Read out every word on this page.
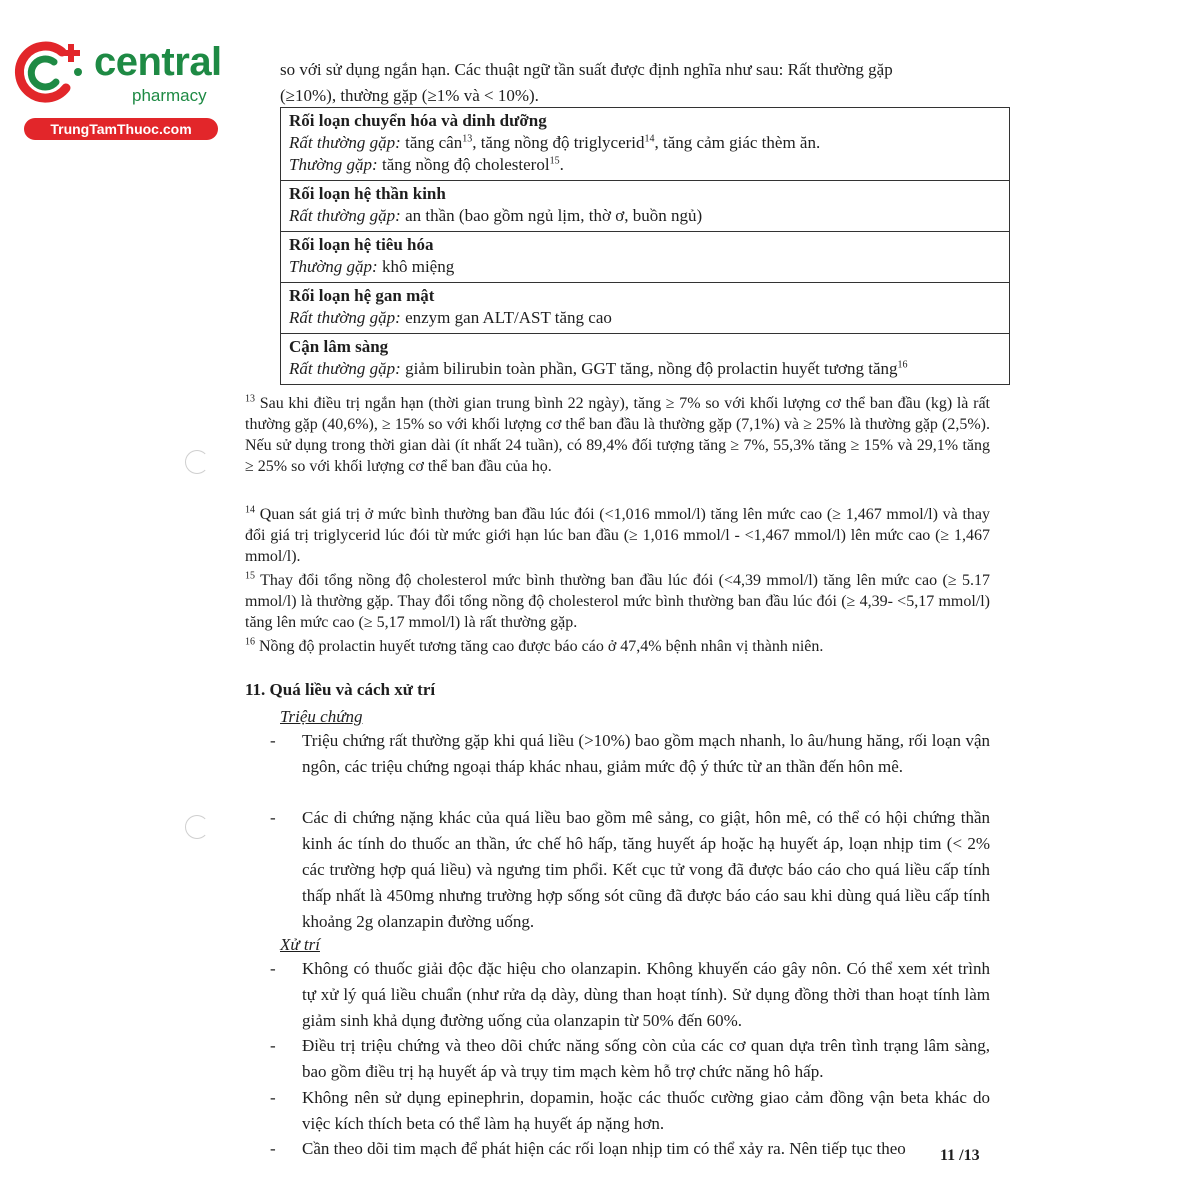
central
pharmacy
TrungTamThuoc.com

so với sử dụng ngắn hạn. Các thuật ngữ tần suất được định nghĩa như sau: Rất thường gặp

(≥10%), thường gặp (≥1% và < 10%).

Rối loạn chuyển hóa và dinh dưỡng
Rất thường gặp: tăng cân$^{13}$, tăng nồng độ triglycerid$^{14}$, tăng cảm giác thèm ăn.
Thường gặp: tăng nồng độ cholesterol$^{15}$.

Rối loạn hệ thần kinh
Rất thường gặp: an thần (bao gồm ngủ lịm, thờ ơ, buồn ngủ)

Rối loạn hệ tiêu hóa
Thường gặp: khô miệng

Rối loạn hệ gan mật
Rất thường gặp: enzym gan ALT/AST tăng cao

Cận lâm sàng
Rất thường gặp: giảm bilirubin toàn phần, GGT tăng, nồng độ prolactin huyết tương tăng$^{16}$

$^{13}$ Sau khi điều trị ngắn hạn (thời gian trung bình 22 ngày), tăng ≥ 7% so với khối lượng cơ thể ban đầu (kg) là rất thường gặp (40,6%), ≥ 15% so với khối lượng cơ thể ban đầu là thường gặp (7,1%) và ≥ 25% là thường gặp (2,5%). Nếu sử dụng trong thời gian dài (ít nhất 24 tuần), có 89,4% đối tượng tăng ≥ 7%, 55,3% tăng ≥ 15% và 29,1% tăng ≥ 25% so với khối lượng cơ thể ban đầu của họ.

$^{14}$ Quan sát giá trị ở mức bình thường ban đầu lúc đói (<1,016 mmol/l) tăng lên mức cao (≥ 1,467 mmol/l) và thay đổi giá trị triglycerid lúc đói từ mức giới hạn lúc ban đầu (≥ 1,016 mmol/l - <1,467 mmol/l) lên mức cao (≥ 1,467 mmol/l).

$^{15}$ Thay đổi tổng nồng độ cholesterol mức bình thường ban đầu lúc đói (<4,39 mmol/l) tăng lên mức cao (≥ 5.17 mmol/l) là thường gặp. Thay đổi tổng nồng độ cholesterol mức bình thường ban đầu lúc đói (≥ 4,39- <5,17 mmol/l) tăng lên mức cao (≥ 5,17 mmol/l) là rất thường gặp.

$^{16}$ Nồng độ prolactin huyết tương tăng cao được báo cáo ở 47,4% bệnh nhân vị thành niên.

11. Quá liều và cách xử trí
Triệu chứng
-	Triệu chứng rất thường gặp khi quá liều (>10%) bao gồm mạch nhanh, lo âu/hung hăng, rối loạn vận ngôn, các triệu chứng ngoại tháp khác nhau, giảm mức độ ý thức từ an thần đến hôn mê.
-	Các di chứng nặng khác của quá liều bao gồm mê sảng, co giật, hôn mê, có thể có hội chứng thần kinh ác tính do thuốc an thần, ức chế hô hấp, tăng huyết áp hoặc hạ huyết áp, loạn nhịp tim (< 2% các trường hợp quá liều) và ngưng tim phổi. Kết cục tử vong đã được báo cáo cho quá liều cấp tính thấp nhất là 450mg nhưng trường hợp sống sót cũng đã được báo cáo sau khi dùng quá liều cấp tính khoảng 2g olanzapin đường uống.
Xử trí
-	Không có thuốc giải độc đặc hiệu cho olanzapin. Không khuyến cáo gây nôn. Có thể xem xét trình tự xử lý quá liều chuẩn (như rửa dạ dày, dùng than hoạt tính). Sử dụng đồng thời than hoạt tính làm giảm sinh khả dụng đường uống của olanzapin từ 50% đến 60%.
-	Điều trị triệu chứng và theo dõi chức năng sống còn của các cơ quan dựa trên tình trạng lâm sàng, bao gồm điều trị hạ huyết áp và trụy tim mạch kèm hỗ trợ chức năng hô hấp.
-	Không nên sử dụng epinephrin, dopamin, hoặc các thuốc cường giao cảm đồng vận beta khác do việc kích thích beta có thể làm hạ huyết áp nặng hơn.
-	Cần theo dõi tim mạch để phát hiện các rối loạn nhịp tim có thể xảy ra. Nên tiếp tục theo	11 /13
